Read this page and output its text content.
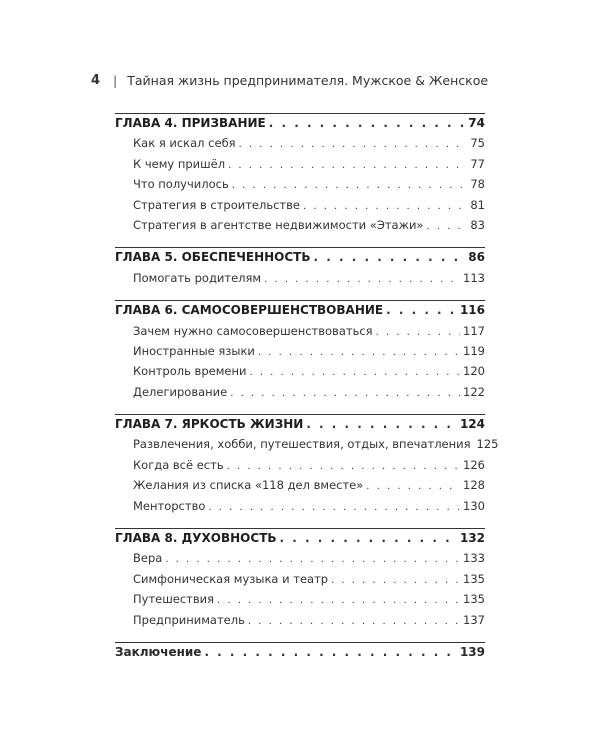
4 | Тайная жизнь предпринимателя. Мужское & Женское
ГЛАВА 4. ПРИЗВАНИЕ . . .	74
Как я искал себя . . .	75
К чему пришёл . . .	77
Что получилось . . .	78
Стратегия в строительстве . . .	81
Стратегия в агентстве недвижимости «Этажи» . . .	83
ГЛАВА 5. ОБЕСПЕЧЕННОСТЬ . . .	86
Помогать родителям . . .	113
ГЛАВА 6. САМОСОВЕРШЕНСТВОВАНИЕ . . .	116
Зачем нужно самосовершенствоваться . . .	117
Иностранные языки . . .	119
Контроль времени . . .	120
Делегирование . . .	122
ГЛАВА 7. ЯРКОСТЬ ЖИЗНИ . . .	124
Развлечения, хобби, путешествия, отдых, впечатления 125
Когда всё есть . . .	126
Желания из списка «118 дел вместе» . . .	128
Менторство . . .	130
ГЛАВА 8. ДУХОВНОСТЬ . . .	132
Вера . . .	133
Симфоническая музыка и театр . . .	135
Путешествия . . .	135
Предприниматель . . .	137
Заключение . . .	139
